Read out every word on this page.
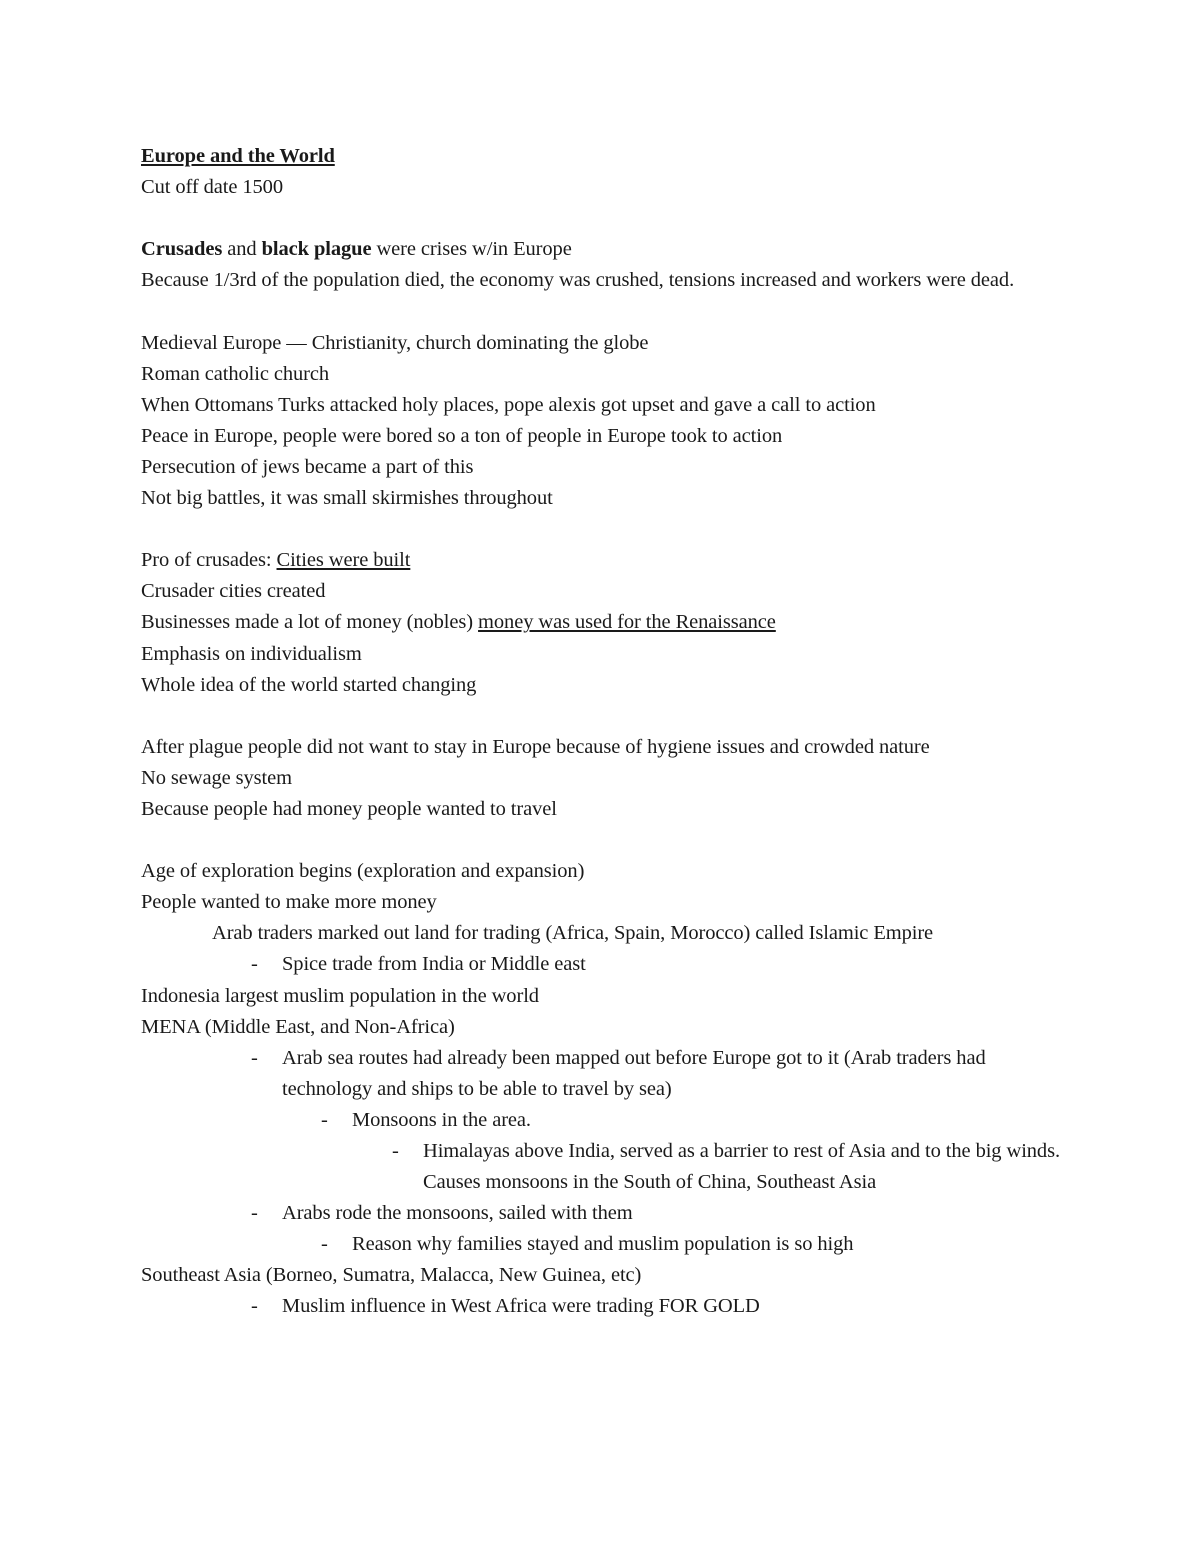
Europe and the World
Cut off date 1500
Crusades and black plague were crises w/in Europe
Because 1/3rd of the population died, the economy was crushed, tensions increased and workers were dead.
Medieval Europe — Christianity, church dominating the globe
Roman catholic church
When Ottomans Turks attacked holy places, pope alexis got upset and gave a call to action
Peace in Europe, people were bored so a ton of people in Europe took to action
Persecution of jews became a part of this
Not big battles, it was small skirmishes throughout
Pro of crusades: Cities were built
Crusader cities created
Businesses made a lot of money (nobles) money was used for the Renaissance
Emphasis on individualism
Whole idea of the world started changing
After plague people did not want to stay in Europe because of hygiene issues and crowded nature
No sewage system
Because people had money people wanted to travel
Age of exploration begins (exploration and expansion)
People wanted to make more money
Arab traders marked out land for trading (Africa, Spain, Morocco) called Islamic Empire
- Spice trade from India or Middle east
Indonesia largest muslim population in the world
MENA (Middle East, and Non-Africa)
- Arab sea routes had already been mapped out before Europe got to it (Arab traders had technology and ships to be able to travel by sea)
- Monsoons in the area.
- Himalayas above India, served as a barrier to rest of Asia and to the big winds. Causes monsoons in the South of China, Southeast Asia
- Arabs rode the monsoons, sailed with them
- Reason why families stayed and muslim population is so high
Southeast Asia (Borneo, Sumatra, Malacca, New Guinea, etc)
- Muslim influence in West Africa were trading FOR GOLD
